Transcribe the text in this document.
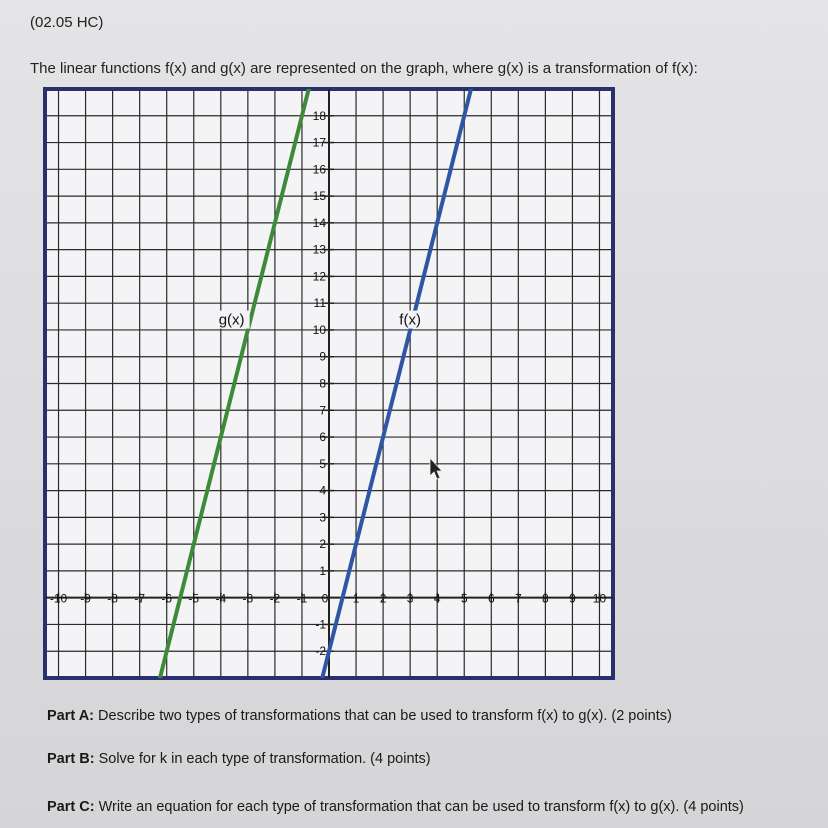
(02.05 HC)
The linear functions f(x) and g(x) are represented on the graph, where g(x) is a transformation of f(x):
-10 -9 -8 -7 -6 -5 -4 -3 -2 -1 0 1 2 3 4 5 6 7 8 9 10
-2
-1
1
2
3
4
5
6
7
8
9
10
11
12
13
14
15
16
17
18
f(x)
g(x)

Part A: Describe two types of transformations that can be used to transform f(x) to g(x). (2 points)

Part B: Solve for k in each type of transformation. (4 points)

Part C: Write an equation for each type of transformation that can be used to transform f(x) to g(x). (4 points)
